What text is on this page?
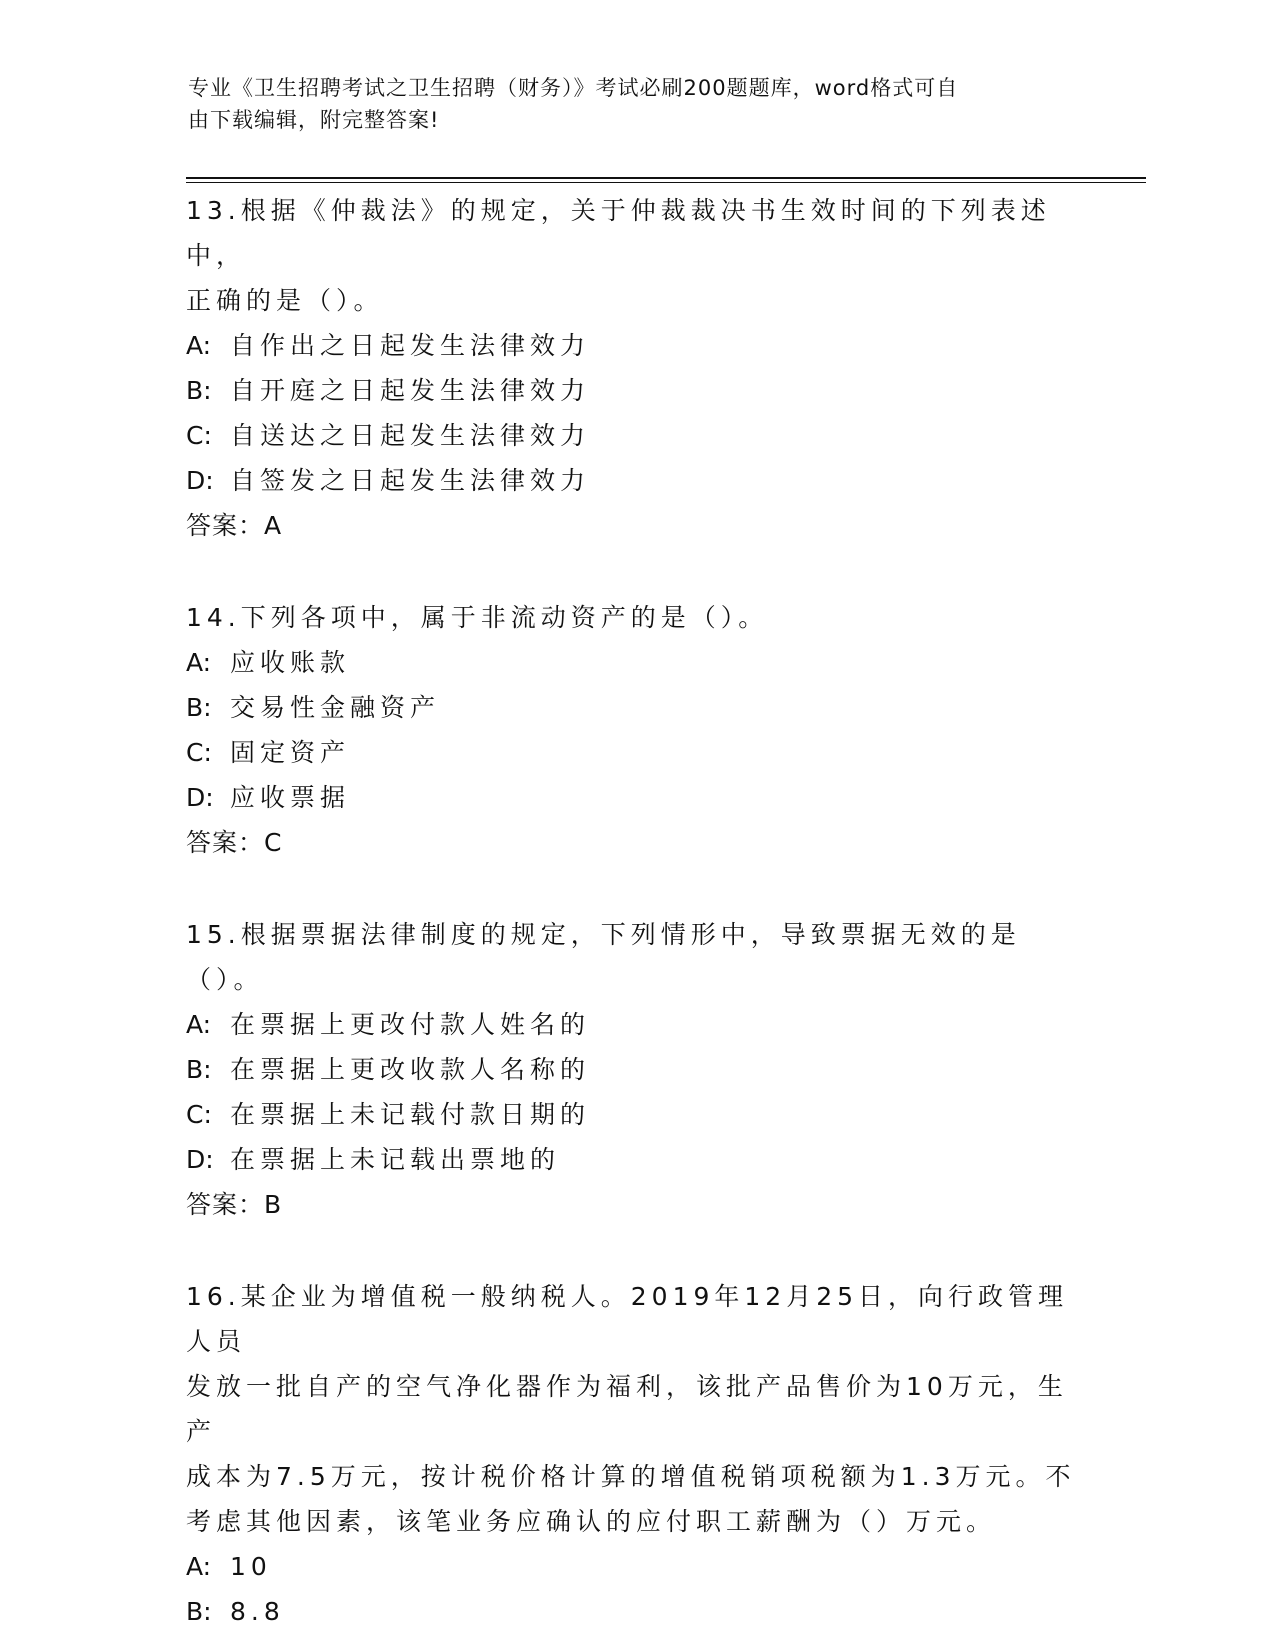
专业《卫生招聘考试之卫生招聘（财务）》考试必刷200题题库，word格式可自
由下载编辑，附完整答案!

13.根据《仲裁法》的规定，关于仲裁裁决书生效时间的下列表述中，

正确的是（）。

A: 自作出之日起发生法律效力

B: 自开庭之日起发生法律效力

C: 自送达之日起发生法律效力

D: 自签发之日起发生法律效力

答案：A

14.下列各项中，属于非流动资产的是（）。

A: 应收账款

B: 交易性金融资产

C: 固定资产

D: 应收票据

答案：C

15.根据票据法律制度的规定，下列情形中，导致票据无效的是（）。

A: 在票据上更改付款人姓名的

B: 在票据上更改收款人名称的

C: 在票据上未记载付款日期的

D: 在票据上未记载出票地的

答案：B

16.某企业为增值税一般纳税人。2019年12月25日，向行政管理人员

发放一批自产的空气净化器作为福利，该批产品售价为10万元，生产

成本为7.5万元，按计税价格计算的增值税销项税额为1.3万元。不

考虑其他因素，该笔业务应确认的应付职工薪酬为（）万元。

A: 10

B: 8.8
